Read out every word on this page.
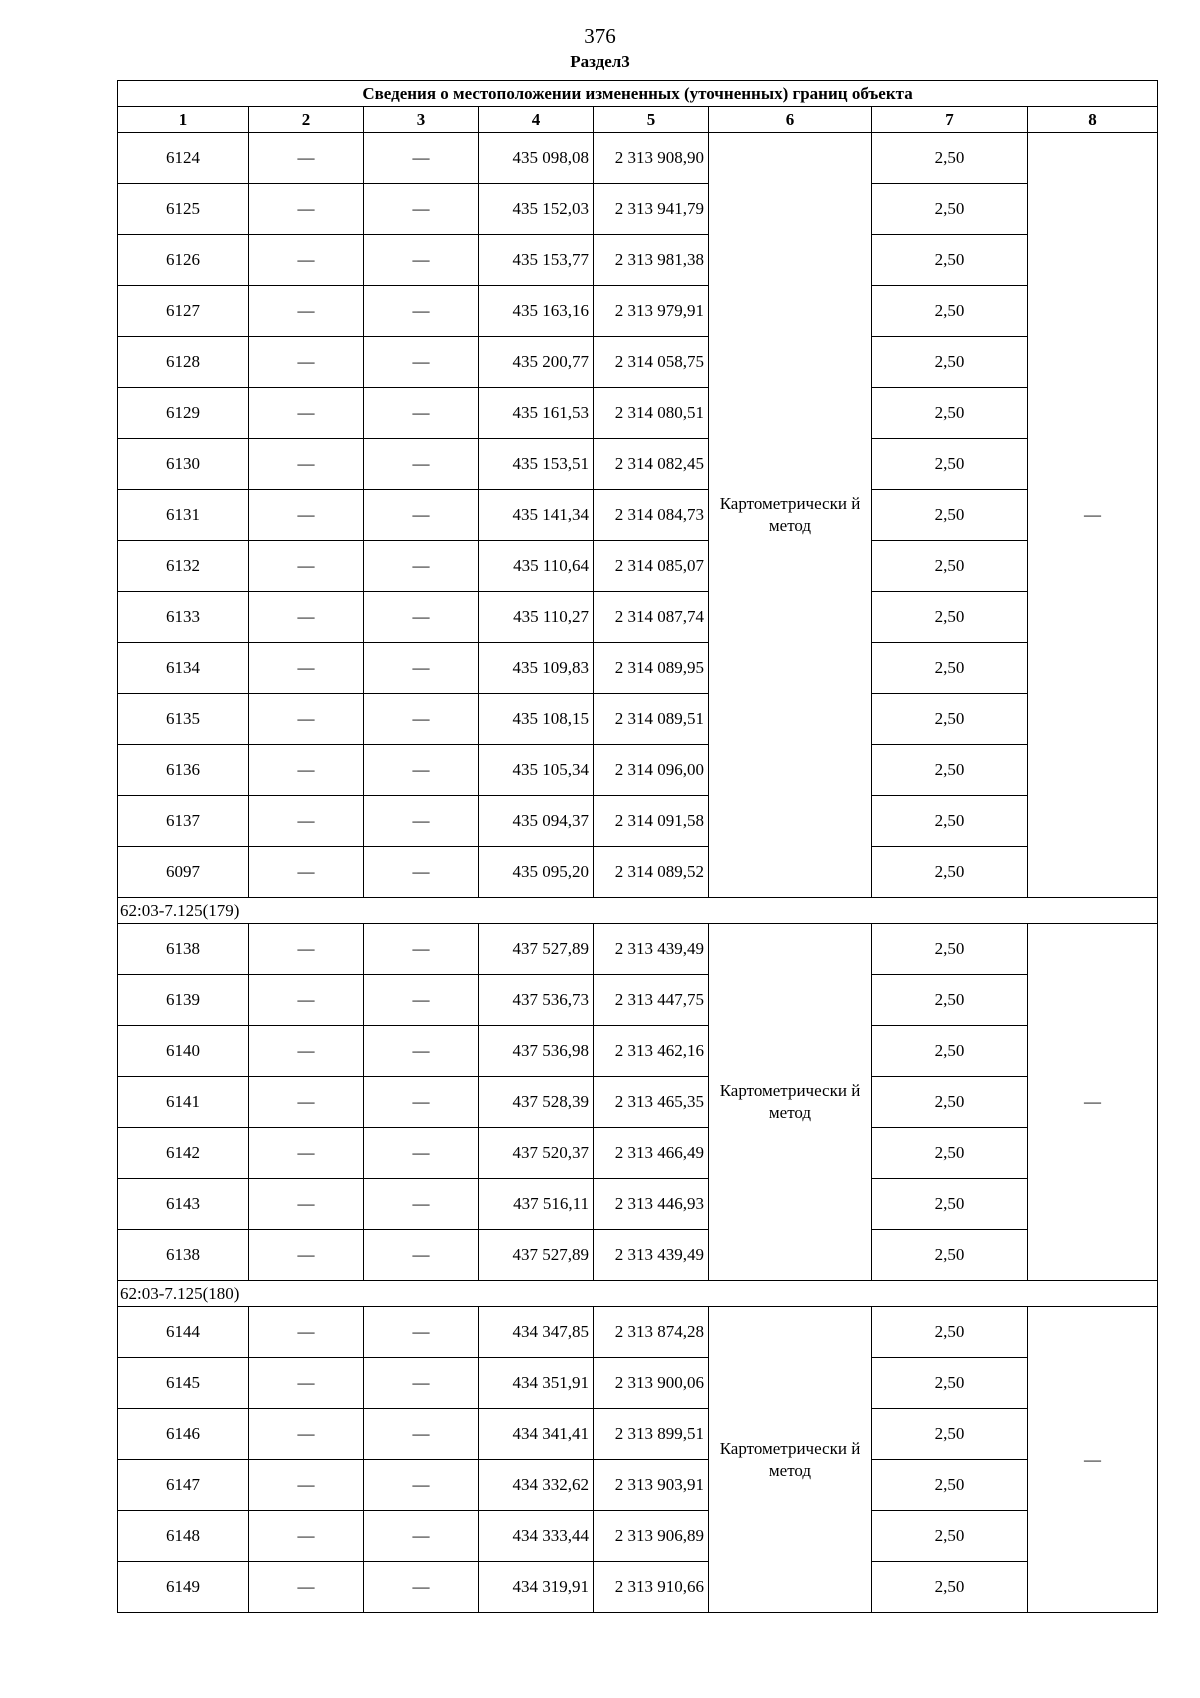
376
Раздел3
Сведения о местоположении измененных (уточненных) границ объекта							
1	2	3	4	5	6	7	8
6124	—	—	435 098,08	2 313 908,90	Картометрически й метод	2,50	—
6125	—	—	435 152,03	2 313 941,79		2,50	
6126	—	—	435 153,77	2 313 981,38		2,50	
6127	—	—	435 163,16	2 313 979,91		2,50	
6128	—	—	435 200,77	2 314 058,75		2,50	
6129	—	—	435 161,53	2 314 080,51		2,50	
6130	—	—	435 153,51	2 314 082,45		2,50	
6131	—	—	435 141,34	2 314 084,73		2,50	
6132	—	—	435 110,64	2 314 085,07		2,50	
6133	—	—	435 110,27	2 314 087,74		2,50	
6134	—	—	435 109,83	2 314 089,95		2,50	
6135	—	—	435 108,15	2 314 089,51		2,50	
6136	—	—	435 105,34	2 314 096,00		2,50	
6137	—	—	435 094,37	2 314 091,58		2,50	
6097	—	—	435 095,20	2 314 089,52		2,50	
62:03-7.125(179)							
6138	—	—	437 527,89	2 313 439,49	Картометрически й метод	2,50	—
6139	—	—	437 536,73	2 313 447,75		2,50	
6140	—	—	437 536,98	2 313 462,16		2,50	
6141	—	—	437 528,39	2 313 465,35		2,50	
6142	—	—	437 520,37	2 313 466,49		2,50	
6143	—	—	437 516,11	2 313 446,93		2,50	
6138	—	—	437 527,89	2 313 439,49		2,50	
62:03-7.125(180)							
6144	—	—	434 347,85	2 313 874,28	Картометрически й метод	2,50	—
6145	—	—	434 351,91	2 313 900,06		2,50	
6146	—	—	434 341,41	2 313 899,51		2,50	
6147	—	—	434 332,62	2 313 903,91		2,50	
6148	—	—	434 333,44	2 313 906,89		2,50	
6149	—	—	434 319,91	2 313 910,66		2,50	
